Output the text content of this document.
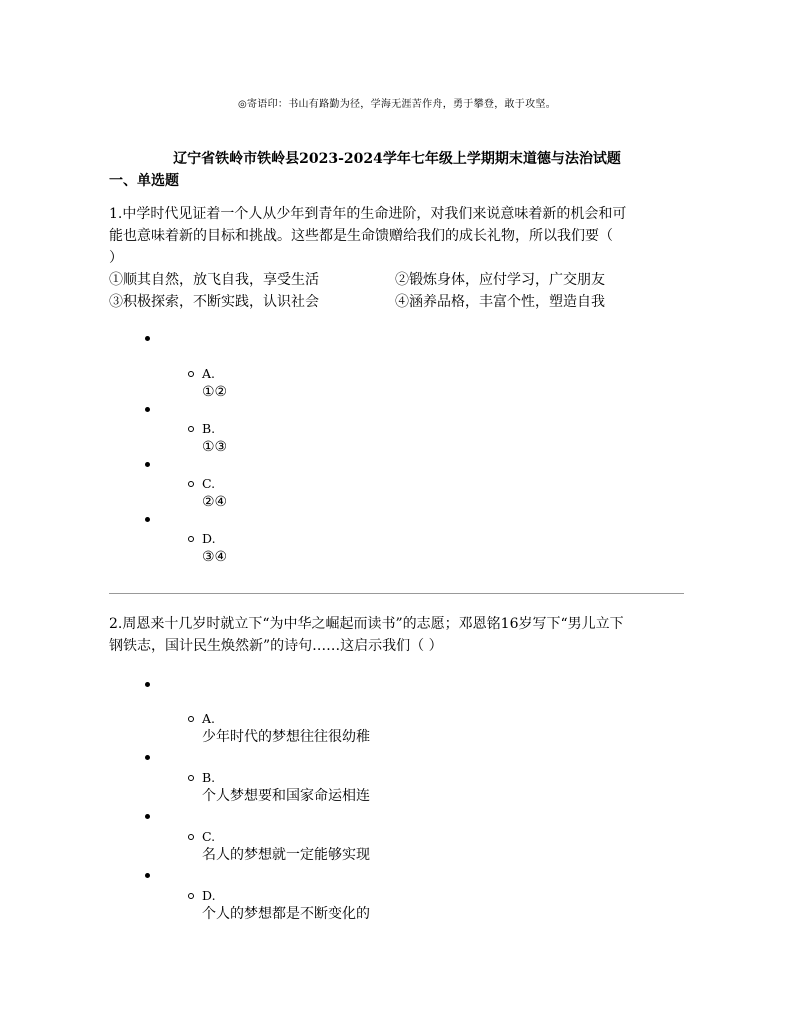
◎寄语印：书山有路勤为径，学海无涯苦作舟，勇于攀登，敢于攻坚。
辽宁省铁岭市铁岭县2023-2024学年七年级上学期期末道德与法治试题
一、单选题
1.中学时代见证着一个人从少年到青年的生命进阶，对我们来说意味着新的机会和可
能也意味着新的目标和挑战。这些都是生命馈赠给我们的成长礼物，所以我们要（
）
①顺其自然，放飞自我，享受生活	②锻炼身体，应付学习，广交朋友
③积极探索，不断实践，认识社会	④涵养品格，丰富个性，塑造自我
A.
①②
B.
①③
C.
②④
D.
③④
2.周恩来十几岁时就立下“为中华之崛起而读书”的志愿；邓恩铭16岁写下“男儿立下
钢铁志，国计民生焕然新”的诗句……这启示我们（ ）
A.
少年时代的梦想往往很幼稚
B.
个人梦想要和国家命运相连
C.
名人的梦想就一定能够实现
D.
个人的梦想都是不断变化的
